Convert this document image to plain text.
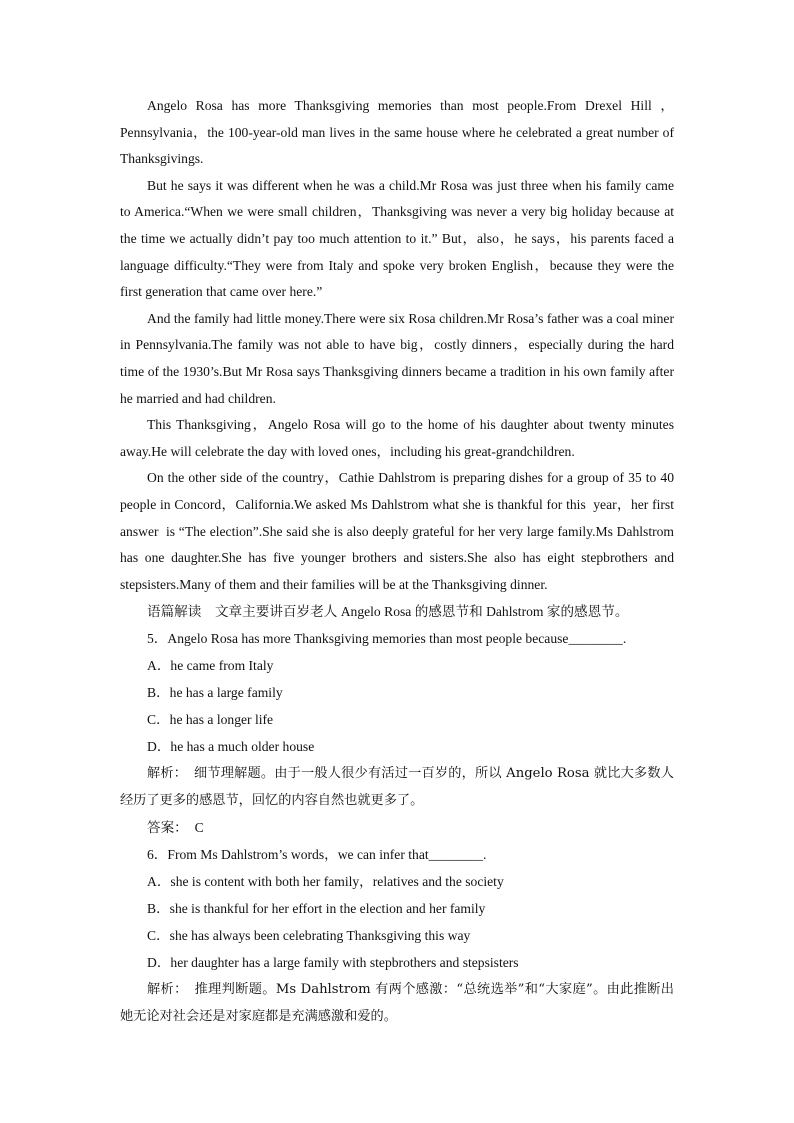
Angelo Rosa has more Thanksgiving memories than most people.From Drexel Hill ，Pennsylvania，the 100-year-old man lives in the same house where he celebrated a great number of Thanksgivings.

But he says it was different when he was a child.Mr Rosa was just three when his family came to America.“When we were small children，Thanksgiving was never a very big holiday because at the time we actually didn’t pay too much attention to it.” But，also，he says，his parents faced a language difficulty.“They were from Italy and spoke very broken English，because they were the first generation that came over here.”

And the family had little money.There were six Rosa children.Mr Rosa’s father was a coal miner in Pennsylvania.The family was not able to have big，costly dinners，especially during the hard time of the 1930’s.But Mr Rosa says Thanksgiving dinners became a tradition in his own family after he married and had children.

This Thanksgiving，Angelo Rosa will go to the home of his daughter about twenty minutes away.He will celebrate the day with loved ones，including his great-grandchildren.

On the other side of the country，Cathie Dahlstrom is preparing dishes for a group of 35 to 40 people in Concord，California.We asked Ms Dahlstrom what she is thankful for this  year，her first  answer  is “The election”.She said she is also deeply grateful for her very large family.Ms Dahlstrom has one daughter.She has five younger brothers and sisters.She also has eight stepbrothers and stepsisters.Many of them and their families will be at the Thanksgiving dinner.

语篇解读　文章主要讲百岁老人 Angelo Rosa 的感恩节和 Dahlstrom 家的感恩节。

5．Angelo Rosa has more Thanksgiving memories than most people because________.

A．he came from Italy

B．he has a large family

C．he has a longer life

D．he has a much older house

解析：　细节理解题。由于一般人很少有活过一百岁的，所以 Angelo Rosa 就比大多数人经历了更多的感恩节，回忆的内容自然也就更多了。

答案：　C

6．From Ms Dahlstrom’s words，we can infer that________.

A．she is content with both her family，relatives and the society

B．she is thankful for her effort in the election and her family

C．she has always been celebrating Thanksgiving this way

D．her daughter has a large family with stepbrothers and stepsisters

解析：　推理判断题。Ms Dahlstrom 有两个感激：“总统选举”和“大家庭”。由此推断出她无论对社会还是对家庭都是充满感激和爱的。
